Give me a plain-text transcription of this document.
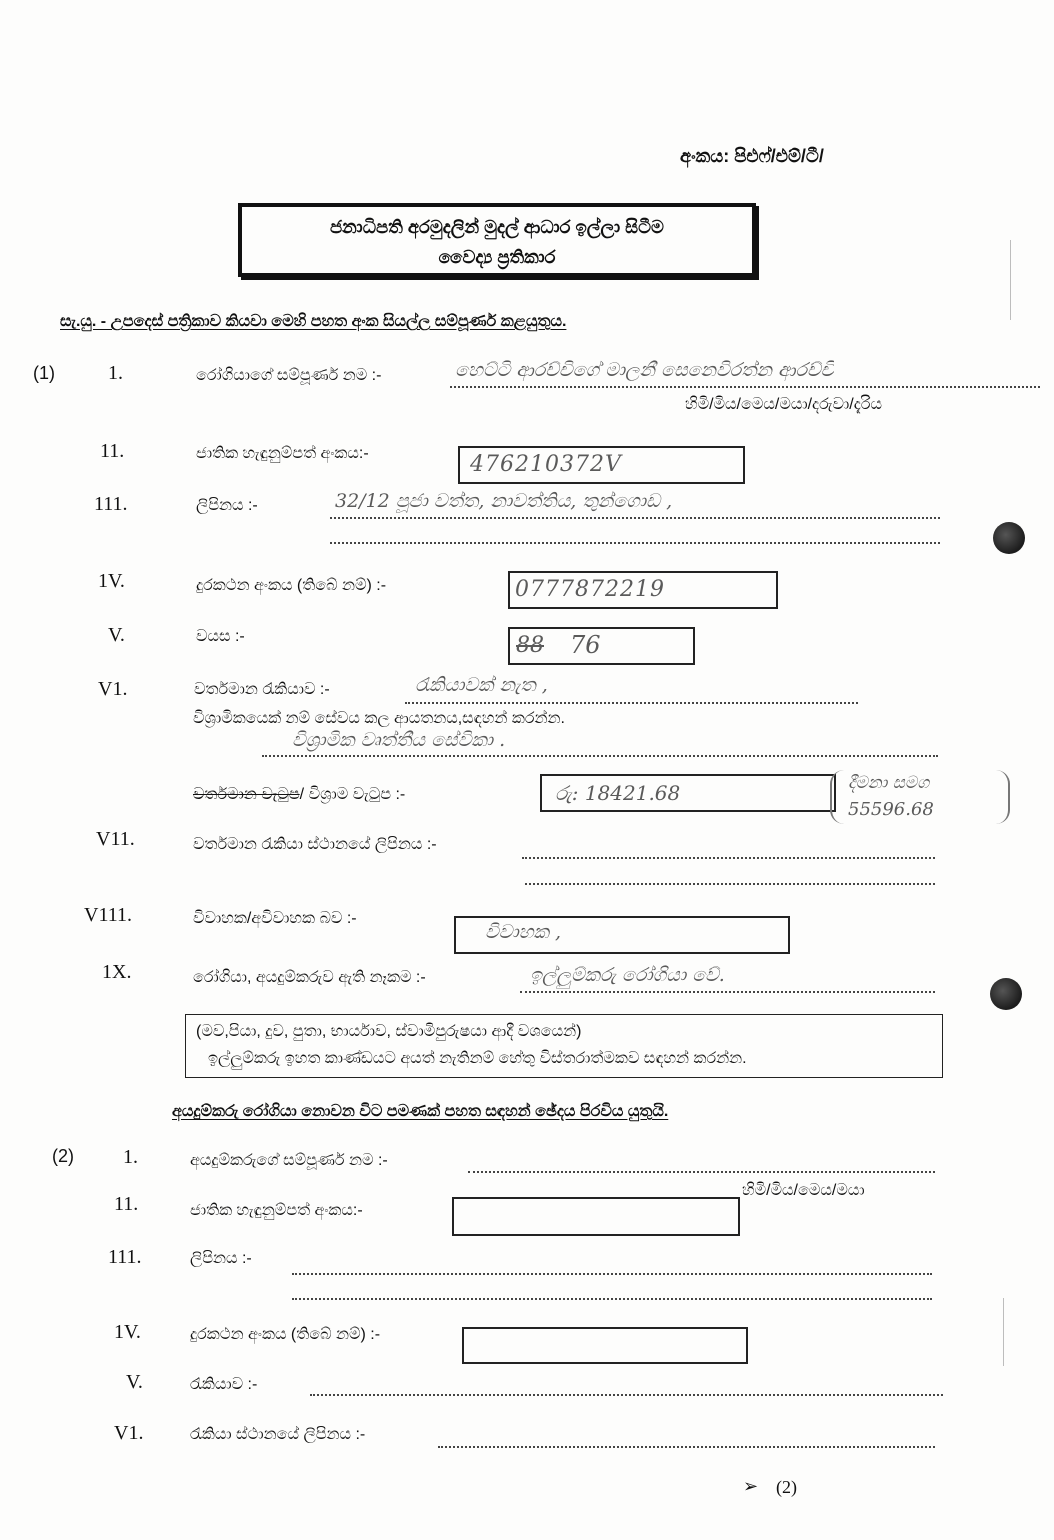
අංකය: පිඑෆ්/එම්/ටී/
ජනාධිපති අරමුදලින් මුදල් ආධාර ඉල්ලා සිටීම
වෛද්‍ය ප්‍රතිකාර
සැ.යු. - උපදෙස් පත්‍රිකාව කියවා මෙහි පහත අංක සියල්ල සම්පූර්ණ කළයුතුය.
(1)	1.	රෝගියාගේ සම්පූර්ණ නම :-	හෙට්ටි ආරච්චිගේ මාලනී සෙනෙවිරත්න ආරච්චි
හිමි/මිය/මෙය/මයා/දරුවා/දැරිය
11.	ජාතික හැඳුනුම්පත් අංකය:-	476210372V
111.	ලිපිනය :-	32/12 පූජා වත්ත, නාවත්තිය, තුන්ගොඩ ,
1V.	දුරකථන අංකය (තිබේ නම්) :-	0777872219
V.	වයස :-	88 76
V1.	වර්තමාන රැකියාව :-	රැකියාවක් නැත ,
විශ්‍රාමිකයෙක් නම් සේවය කල ආයතනය,සඳහන් කරන්න.
විශ්‍රාමික වෘත්තීය සේවිකා .
වර්තමාන වැටුප/ විශ්‍රාම වැටුප :-	රු: 18421.68	දීමනා සමග
55596.68
V11.	වර්තමාන රැකියා ස්ථානයේ ලිපිනය :-
V111.	විවාහක/අවිවාහක බව :-
විවාහක ,
1X.	රෝගියා, අයදුම්කරුව ඇති නෑකම :-	ඉල්ලුම්කරු රෝගියා වේ.
(මව,පියා, දුව, පුතා, භාර්යාව, ස්වාමිපුරුෂයා ආදී වශයෙන්)
ඉල්ලුම්කරු ඉහත කාණ්ඩයට අයත් නැතිනම් හේතු විස්තරාත්මකව සඳහන් කරන්න.
අයදුම්කරු රෝගියා නොවන විට පමණක් පහත සඳහන් ඡේදය පිරවිය යුතුයි.
(2) 1.	අයදුම්කරුගේ සම්පූර්ණ නම :-
හිමි/මිය/මෙය/මයා
11.	ජාතික හැඳුනුම්පත් අංකය:-
111.	ලිපිනය :-
1V.	දුරකථන අංකය (තිබේ නම්) :-
V.	රැකියාව :-
V1.	රැකියා ස්ථානයේ ලිපිනය :-
➢ (2)
